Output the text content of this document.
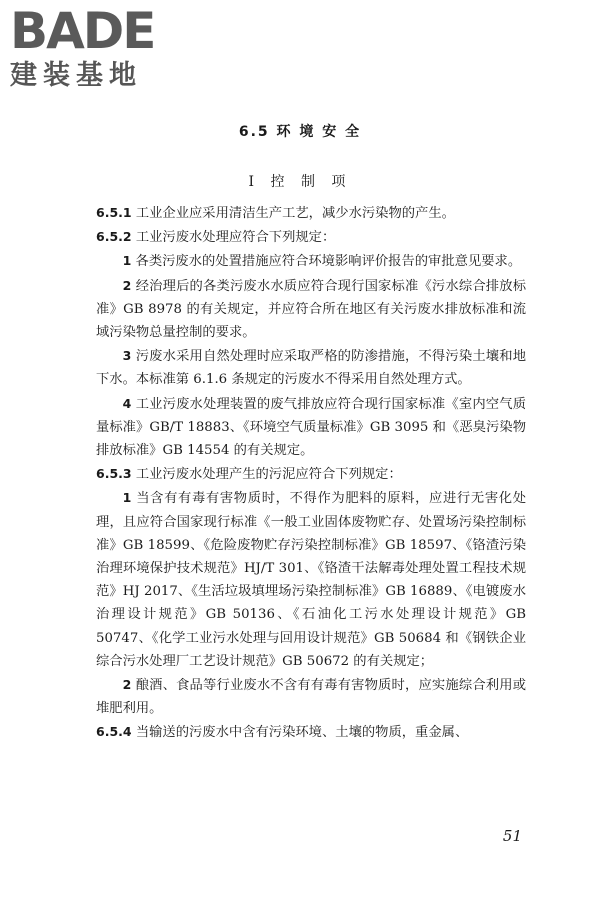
BADE
建装基地
6.5 环 境 安 全
I 控 制 项

6.5.1 工业企业应采用清洁生产工艺，减少水污染物的产生。

6.5.2 工业污废水处理应符合下列规定：

1 各类污废水的处置措施应符合环境影响评价报告的审批意见要求。

2 经治理后的各类污废水水质应符合现行国家标准《污水综合排放标准》GB 8978 的有关规定，并应符合所在地区有关污废水排放标准和流域污染物总量控制的要求。

3 污废水采用自然处理时应采取严格的防渗措施，不得污染土壤和地下水。本标准第 6.1.6 条规定的污废水不得采用自然处理方式。

4 工业污废水处理装置的废气排放应符合现行国家标准《室内空气质量标准》GB/T 18883、《环境空气质量标准》GB 3095 和《恶臭污染物排放标准》GB 14554 的有关规定。

6.5.3 工业污废水处理产生的污泥应符合下列规定：

1 当含有有毒有害物质时，不得作为肥料的原料，应进行无害化处理，且应符合国家现行标准《一般工业固体废物贮存、处置场污染控制标准》GB 18599、《危险废物贮存污染控制标准》GB 18597、《铬渣污染治理环境保护技术规范》HJ/T 301、《铬渣干法解毒处理处置工程技术规范》HJ 2017、《生活垃圾填埋场污染控制标准》GB 16889、《电镀废水治理设计规范》GB 50136、《石油化工污水处理设计规范》GB 50747、《化学工业污水处理与回用设计规范》GB 50684 和《钢铁企业综合污水处理厂工艺设计规范》GB 50672 的有关规定；

2 酿酒、食品等行业废水不含有有毒有害物质时，应实施综合利用或堆肥利用。

6.5.4 当输送的污废水中含有污染环境、土壤的物质，重金属、

51
